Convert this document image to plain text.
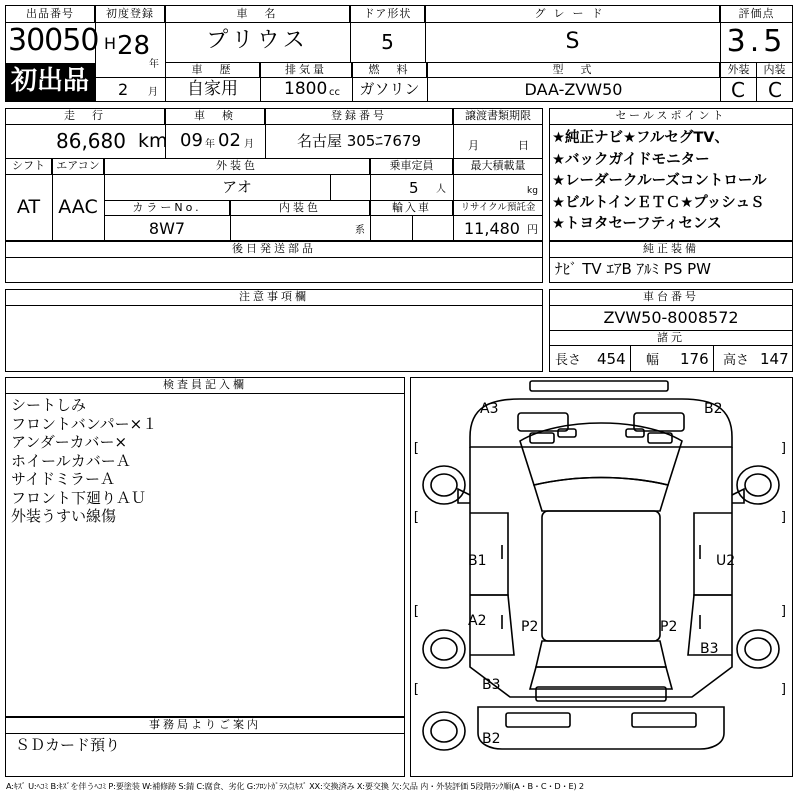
出品番号
30050
初出品
初度登録
H 28
年
2 月
車　名
プリウス
ドア形状
5
グレード
S
車　歴
自家用
排気量
1800 cc
燃　料
ガソリン
型　式
DAA-ZVW50
評価点
3.5
外装	内装
C	C
走　行
86,680 km
車　検
09 年 02 月
登録番号
名古屋 305ﾆ7679
譲渡書類期限
月	日
シフト
AT
エアコン
AAC
外装色
アオ
乗車定員
5 人
最大積載量
kg
カラーNo.
8W7
内装色
系
輸入車	リサイクル預託金
11,480 円
後日発送部品
セールスポイント
★純正ナビ★フルセグTV、
★バックガイドモニター
★レーダークルーズコントロール
★ビルトインＥＴＣ★プッシュＳ
★トヨタセーフティセンス
純正装備
ﾅﾋﾞ TV ｴｱB ｱﾙﾐ PS PW
注意事項欄	車台番号
ZVW50-8008572
諸元
長さ 454 幅 176 高さ 147
検査員記入欄
シートしみ
フロントバンパー×１
アンダーカバー×
ホイールカバーＡ
サイドミラーＡ
フロント下廻りＡＵ
外装うすい線傷
事務局よりご案内
ＳＤカード預り
A3	B2
B1	U2
A2 P2	P2
B3
B3
B2
[	]
[	]
[	]
[	]
A:ｷｽﾞ U:ﾍｺﾐ B:ｷｽﾞを伴うﾍｺﾐ P:要塗装 W:補修跡 S:錆 C:腐食、劣化 G:ﾌﾛﾝﾄｶﾞﾗｽ点ｷｽﾞ XX:交換済み X:要交換 欠:欠品 内・外装評価 5段階ﾗﾝｸ順(A・B・C・D・E) 2
